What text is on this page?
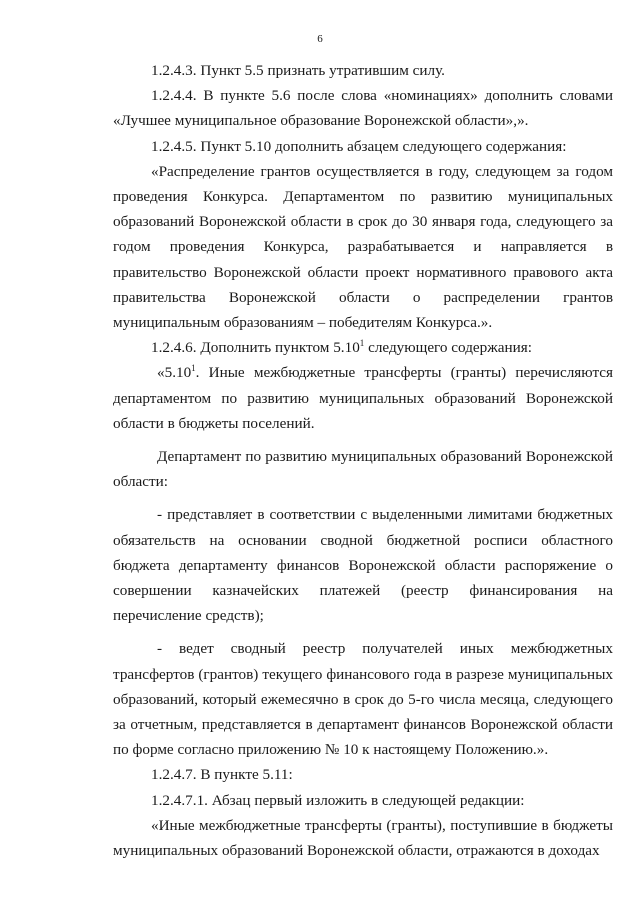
6

1.2.4.3. Пункт 5.5 признать утратившим силу.

1.2.4.4. В пункте 5.6 после слова «номинациях» дополнить словами «Лучшее муниципальное образование Воронежской области»,».

1.2.4.5. Пункт 5.10 дополнить абзацем следующего содержания:

«Распределение грантов осуществляется в году, следующем за годом проведения Конкурса. Департаментом по развитию муниципальных образований Воронежской области в срок до 30 января года, следующего за годом проведения Конкурса, разрабатывается и направляется в правительство Воронежской области проект нормативного правового акта правительства Воронежской области о распределении грантов муниципальным образованиям – победителям Конкурса.».

1.2.4.6. Дополнить пунктом 5.10$^1$ следующего содержания:

«5.10$^1$. Иные межбюджетные трансферты (гранты) перечисляются департаментом по развитию муниципальных образований Воронежской области в бюджеты поселений.

Департамент по развитию муниципальных образований Воронежской области:

- представляет в соответствии с выделенными лимитами бюджетных обязательств на основании сводной бюджетной росписи областного бюджета департаменту финансов Воронежской области распоряжение о совершении казначейских платежей (реестр финансирования на перечисление средств);

- ведет сводный реестр получателей иных межбюджетных трансфертов (грантов) текущего финансового года в разрезе муниципальных образований, который ежемесячно в срок до 5-го числа месяца, следующего за отчетным, представляется в департамент финансов Воронежской области по форме согласно приложению № 10 к настоящему Положению.».

1.2.4.7. В пункте 5.11:

1.2.4.7.1. Абзац первый изложить в следующей редакции:

«Иные межбюджетные трансферты (гранты), поступившие в бюджеты муниципальных образований Воронежской области, отражаются в доходах
